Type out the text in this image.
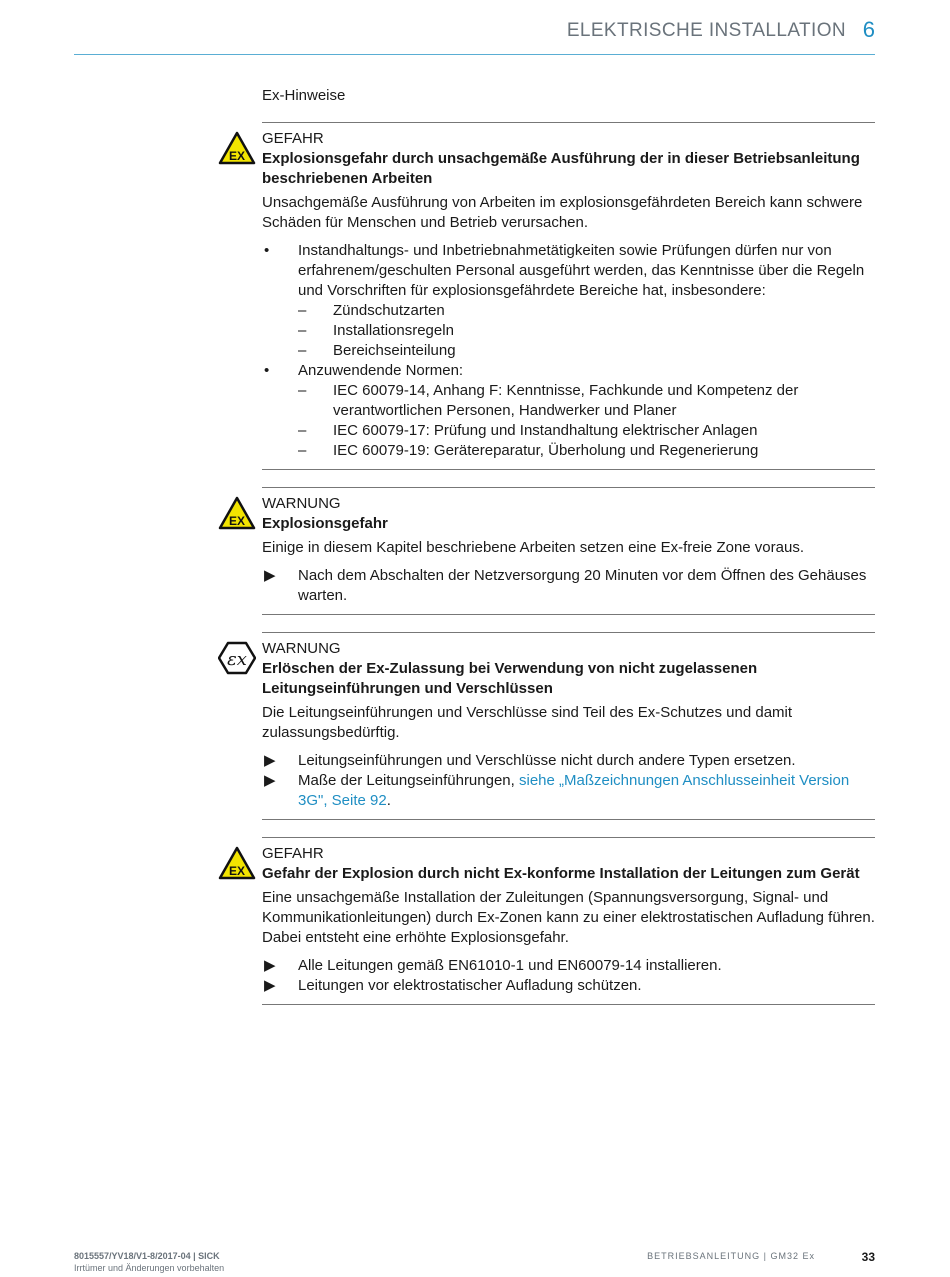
ELEKTRISCHE INSTALLATION 6

Ex-Hinweise

EX

GEFAHR

Explosionsgefahr durch unsachgemäße Ausführung der in dieser Betriebsanleitung beschriebenen Arbeiten

Unsachgemäße Ausführung von Arbeiten im explosionsgefährdeten Bereich kann schwere Schäden für Menschen und Betrieb verursachen.

• Instandhaltungs- und Inbetriebnahmetätigkeiten sowie Prüfungen dürfen nur von erfahrenem/geschulten Personal ausgeführt werden, das Kenntnisse über die Regeln und Vorschriften für explosionsgefährdete Bereiche hat, insbesondere:
– Zündschutzarten
– Installationsregeln
– Bereichseinteilung
• Anzuwendende Normen:
– IEC 60079-14, Anhang F: Kenntnisse, Fachkunde und Kompetenz der verantwortlichen Personen, Handwerker und Planer
– IEC 60079-17: Prüfung und Instandhaltung elektrischer Anlagen
– IEC 60079-19: Gerätereparatur, Überholung und Regenerierung
EX

WARNUNG

Explosionsgefahr

Einige in diesem Kapitel beschriebene Arbeiten setzen eine Ex-freie Zone voraus.

▶ Nach dem Abschalten der Netzversorgung 20 Minuten vor dem Öffnen des Gehäuses warten.
εx

WARNUNG

Erlöschen der Ex-Zulassung bei Verwendung von nicht zugelassenen Leitungseinführungen und Verschlüssen

Die Leitungseinführungen und Verschlüsse sind Teil des Ex-Schutzes und damit zulassungsbedürftig.

▶ Leitungseinführungen und Verschlüsse nicht durch andere Typen ersetzen.
▶ Maße der Leitungseinführungen, siehe „Maßzeichnungen Anschlusseinheit Version 3G", Seite 92.
EX

GEFAHR

Gefahr der Explosion durch nicht Ex-konforme Installation der Leitungen zum Gerät

Eine unsachgemäße Installation der Zuleitungen (Spannungsversorgung, Signal- und Kommunikationleitungen) durch Ex-Zonen kann zu einer elektrostatischen Aufladung führen. Dabei entsteht eine erhöhte Explosionsgefahr.

▶ Alle Leitungen gemäß EN61010-1 und EN60079-14 installieren.
▶ Leitungen vor elektrostatischer Aufladung schützen.
8015557/YV18/V1-8/2017-04 | SICK
Irrtümer und Änderungen vorbehalten
BETRIEBSANLEITUNG | GM32 Ex	33
